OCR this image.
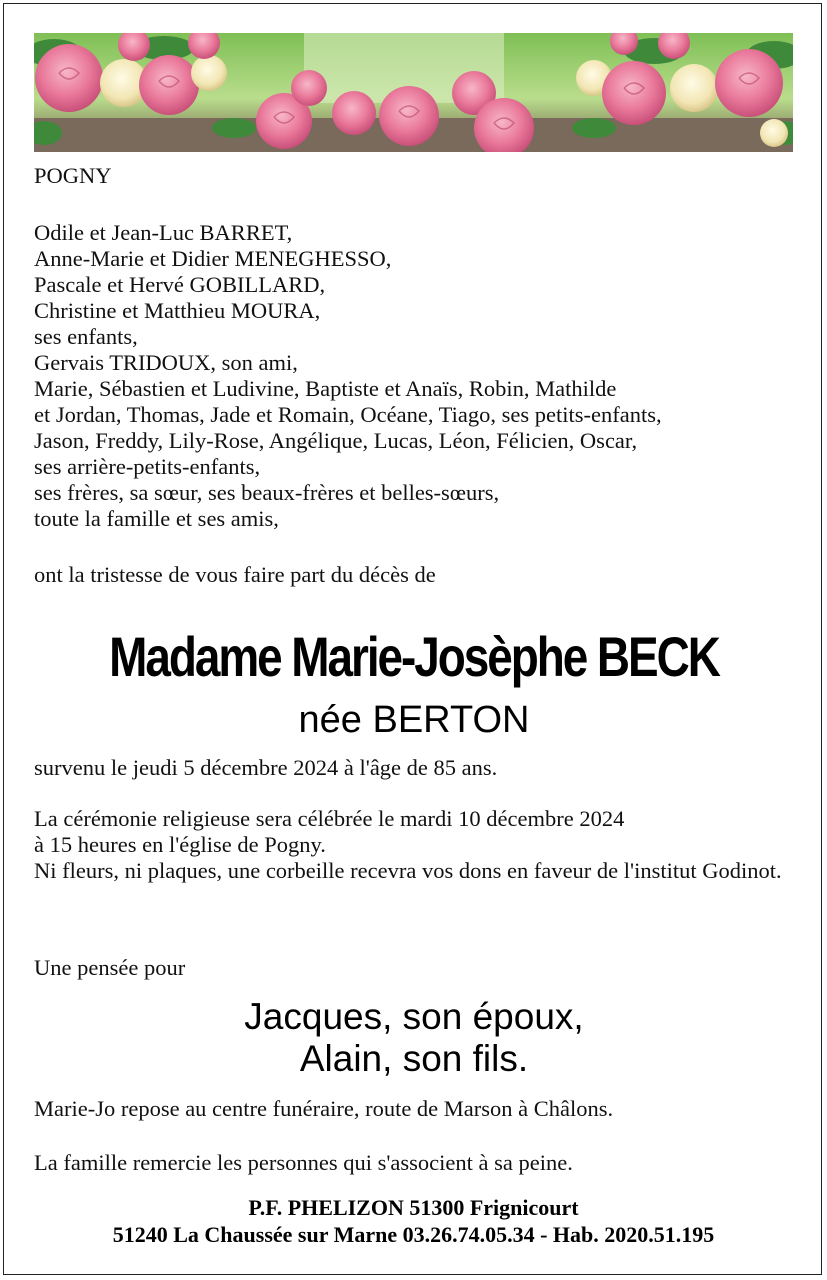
POGNY

Odile et Jean-Luc BARRET,

Anne-Marie et Didier MENEGHESSO,

Pascale et Hervé GOBILLARD,

Christine et Matthieu MOURA,

ses enfants,

Gervais TRIDOUX, son ami,

Marie, Sébastien et Ludivine, Baptiste et Anaïs, Robin, Mathilde

et Jordan, Thomas, Jade et Romain, Océane, Tiago, ses petits-enfants,

Jason, Freddy, Lily-Rose, Angélique, Lucas, Léon, Félicien, Oscar,

ses arrière-petits-enfants,

ses frères, sa sœur, ses beaux-frères et belles-sœurs,

toute la famille et ses amis,

ont la tristesse de vous faire part du décès de

Madame Marie-Josèphe BECK
née BERTON

survenu le jeudi 5 décembre 2024 à l'âge de 85 ans.

La cérémonie religieuse sera célébrée le mardi 10 décembre 2024

à 15 heures en l'église de Pogny.

Ni fleurs, ni plaques, une corbeille recevra vos dons en faveur de l'institut Godinot.

Une pensée pour

Jacques, son époux,
Alain, son fils.

Marie-Jo repose au centre funéraire, route de Marson à Châlons.

La famille remercie les personnes qui s'associent à sa peine.

P.F. PHELIZON 51300 Frignicourt
51240 La Chaussée sur Marne 03.26.74.05.34 - Hab. 2020.51.195
